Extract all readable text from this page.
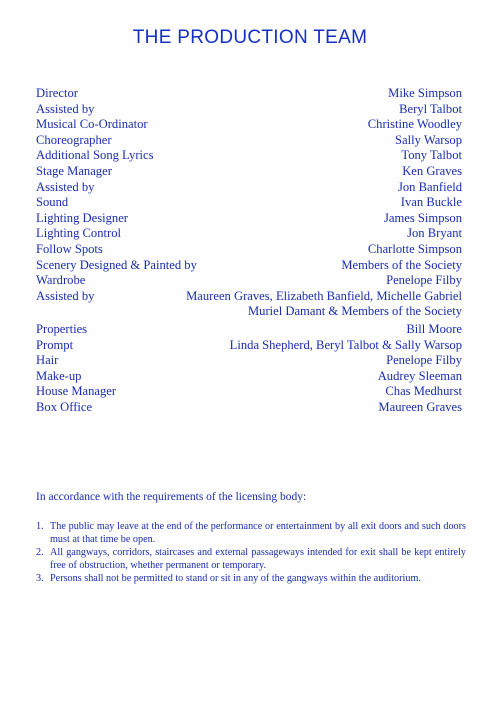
THE PRODUCTION TEAM
Director	Mike Simpson
Assisted by	Beryl Talbot
Musical Co-Ordinator	Christine Woodley
Choreographer	Sally Warsop
Additional Song Lyrics	Tony Talbot
Stage Manager	Ken Graves
Assisted by	Jon Banfield
Sound	Ivan Buckle
Lighting Designer	James Simpson
Lighting Control	Jon Bryant
Follow Spots	Charlotte Simpson
Scenery Designed & Painted by	Members of the Society
Wardrobe	Penelope Filby
Assisted by	Maureen Graves, Elizabeth Banfield, Michelle Gabriel
Muriel Damant & Members of the Society
Properties	Bill Moore
Prompt	Linda Shepherd, Beryl Talbot & Sally Warsop
Hair	Penelope Filby
Make-up	Audrey Sleeman
House Manager	Chas Medhurst
Box Office	Maureen Graves
In accordance with the requirements of the licensing body:
1. The public may leave at the end of the performance or entertainment by all exit doors and such doors must at that time be open.
2. All gangways, corridors, staircases and external passageways intended for exit shall be kept entirely free of obstruction, whether permanent or temporary.
3. Persons shall not be permitted to stand or sit in any of the gangways within the auditorium.
